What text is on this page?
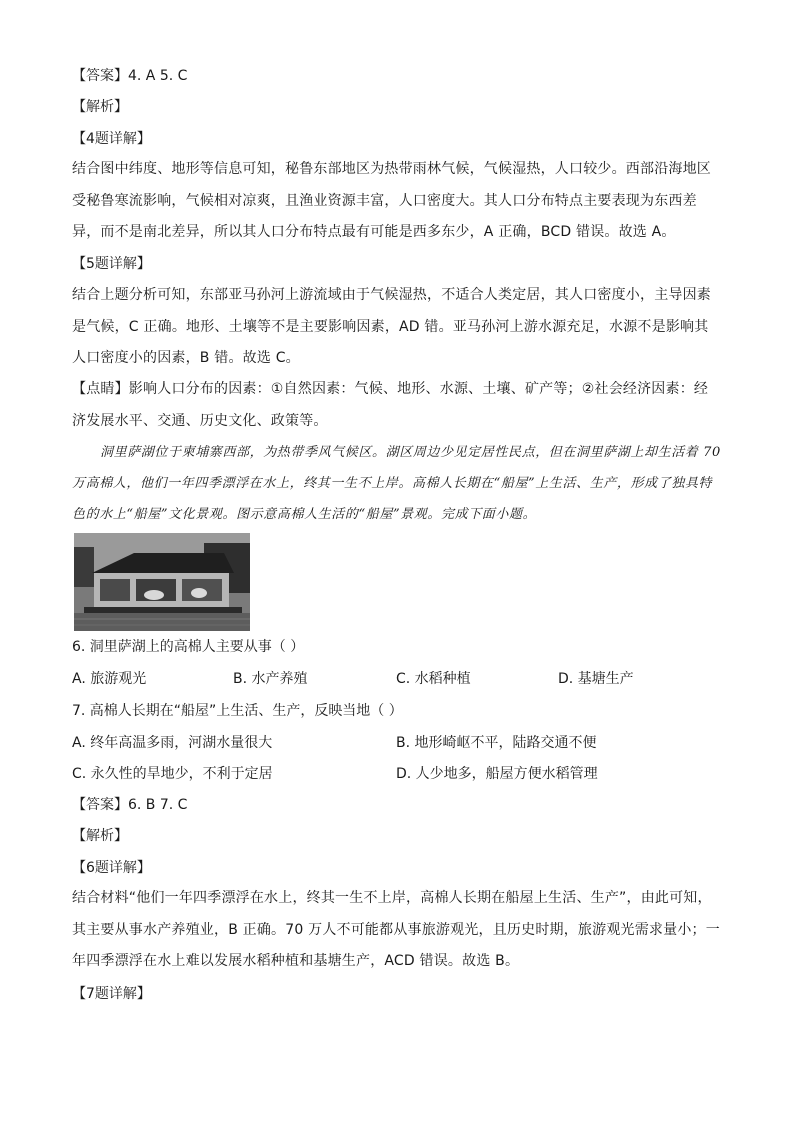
【答案】4. A 5. C
【解析】
【4题详解】
结合图中纬度、地形等信息可知，秘鲁东部地区为热带雨林气候，气候湿热，人口较少。西部沿海地区受秘鲁寒流影响，气候相对凉爽，且渔业资源丰富，人口密度大。其人口分布特点主要表现为东西差异，而不是南北差异，所以其人口分布特点最有可能是西多东少，A 正确，BCD 错误。故选 A。
【5题详解】
结合上题分析可知，东部亚马孙河上游流域由于气候湿热，不适合人类定居，其人口密度小，主导因素是气候，C 正确。地形、土壤等不是主要影响因素，AD 错。亚马孙河上游水源充足，水源不是影响其人口密度小的因素，B 错。故选 C。
【点睛】影响人口分布的因素：①自然因素：气候、地形、水源、土壤、矿产等；②社会经济因素：经济发展水平、交通、历史文化、政策等。
洞里萨湖位于柬埔寨西部，为热带季风气候区。湖区周边少见定居性民点，但在洞里萨湖上却生活着 70 万高棉人，他们一年四季漂浮在水上，终其一生不上岸。高棉人长期在“船屋”上生活、生产，形成了独具特色的水上“船屋”文化景观。图示意高棉人生活的“船屋”景观。完成下面小题。
6. 洞里萨湖上的高棉人主要从事（ ）
A. 旅游观光	B. 水产养殖	C. 水稻种植	D. 基塘生产
7. 高棉人长期在“船屋”上生活、生产，反映当地（ ）
A. 终年高温多雨，河湖水量很大	B. 地形崎岖不平，陆路交通不便
C. 永久性的旱地少，不利于定居	D. 人少地多，船屋方便水稻管理
【答案】6. B 7. C
【解析】
【6题详解】
结合材料“他们一年四季漂浮在水上，终其一生不上岸，高棉人长期在船屋上生活、生产”，由此可知，其主要从事水产养殖业，B 正确。70 万人不可能都从事旅游观光，且历史时期，旅游观光需求量小；一年四季漂浮在水上难以发展水稻种植和基塘生产，ACD 错误。故选 B。
【7题详解】
